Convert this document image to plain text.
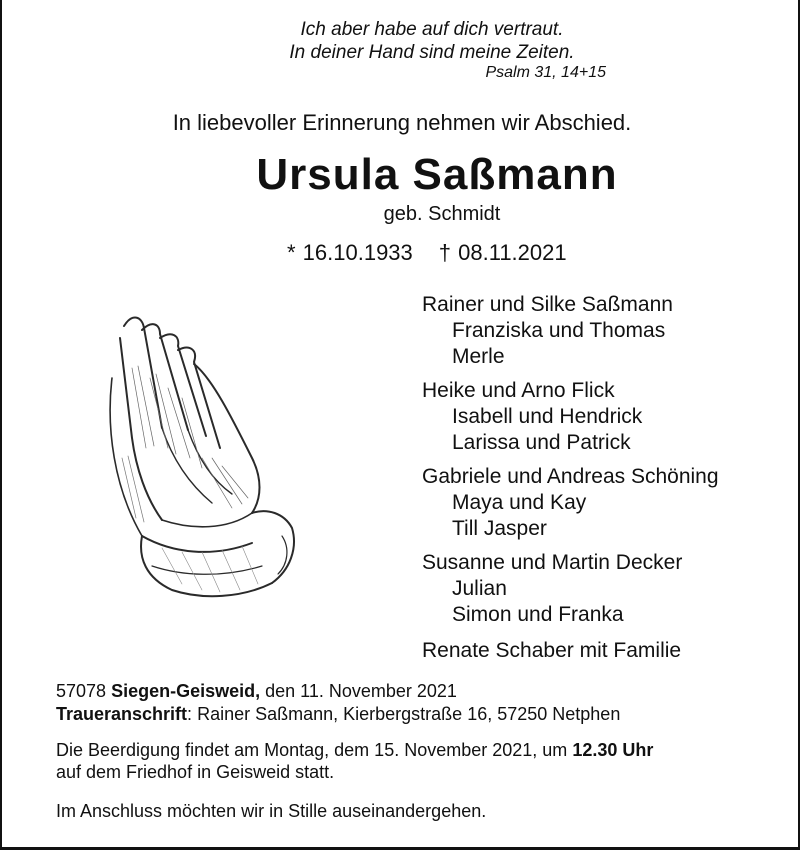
Ich aber habe auf dich vertraut.
In deiner Hand sind meine Zeiten.
Psalm 31, 14+15
In liebevoller Erinnerung nehmen wir Abschied.
Ursula Saßmann
geb. Schmidt
* 16.10.1933 † 08.11.2021
Rainer und Silke Saßmann
Franziska und Thomas
Merle
Heike und Arno Flick
Isabell und Hendrick
Larissa und Patrick
Gabriele und Andreas Schöning
Maya und Kay
Till Jasper
Susanne und Martin Decker
Julian
Simon und Franka
Renate Schaber mit Familie
57078 Siegen-Geisweid, den 11. November 2021
Traueranschrift: Rainer Saßmann, Kierbergstraße 16, 57250 Netphen
Die Beerdigung findet am Montag, dem 15. November 2021, um 12.30 Uhr
auf dem Friedhof in Geisweid statt.
Im Anschluss möchten wir in Stille auseinandergehen.
